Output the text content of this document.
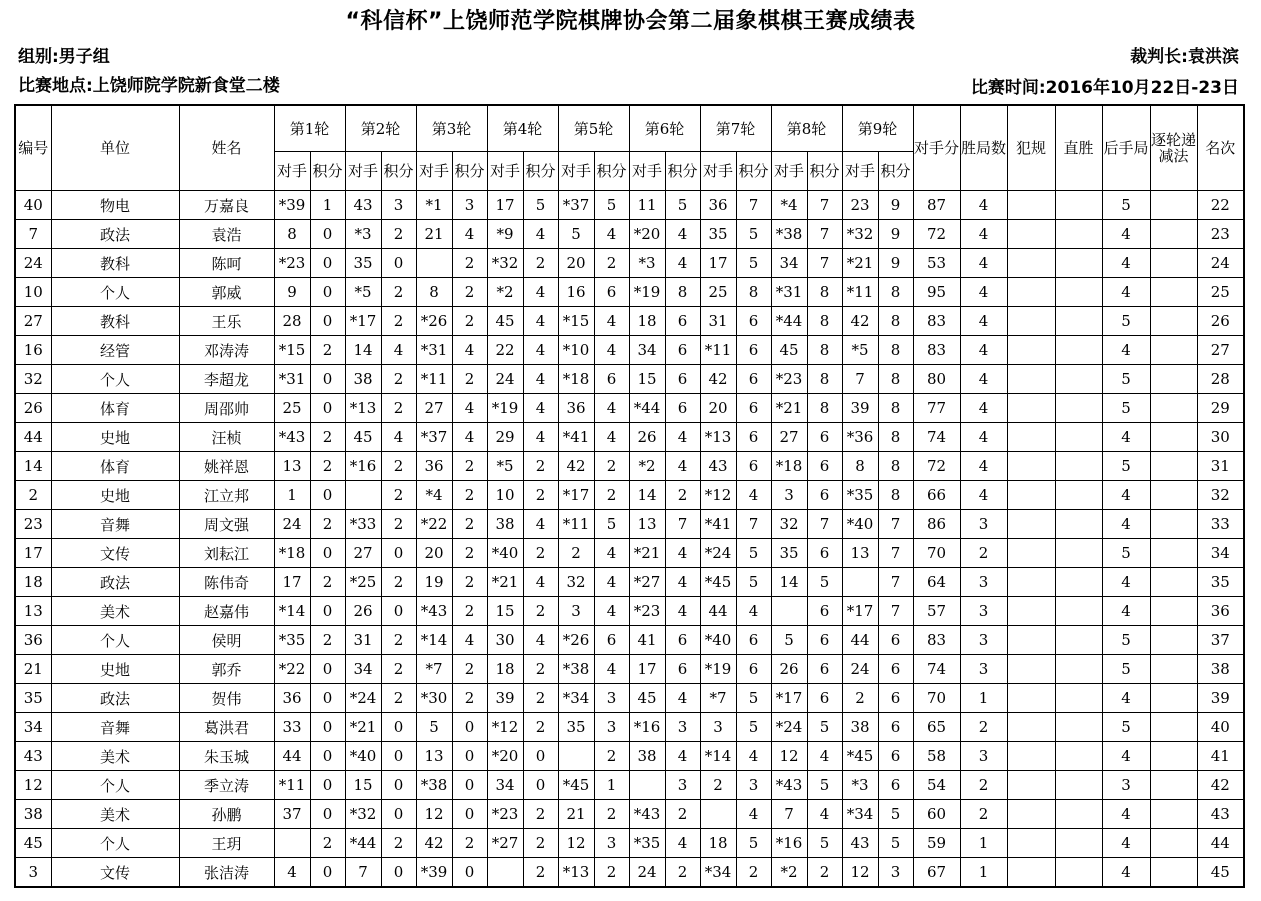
“科信杯”上饶师范学院棋牌协会第二届象棋棋王赛成绩表
组别:男子组	裁判长:袁洪滨
比赛地点:上饶师院学院新食堂二楼	比赛时间:2016年10月22日-23日
编号	单位	姓名	第1轮		第2轮		第3轮		第4轮		第5轮		第6轮		第7轮		第8轮		第9轮		对手分	胜局数	犯规	直胜	后手局	逐轮递减法	名次
			对手	积分	对手	积分	对手	积分	对手	积分	对手	积分	对手	积分	对手	积分	对手	积分	对手	积分							
40	物电	万嘉良	*39	1	43	3	*1	3	17	5	*37	5	11	5	36	7	*4	7	23	9	87	4			5		22
7	政法	袁浩	8	0	*3	2	21	4	*9	4	5	4	*20	4	35	5	*38	7	*32	9	72	4			4		23
24	教科	陈呵	*23	0	35	0		2	*32	2	20	2	*3	4	17	5	34	7	*21	9	53	4			4		24
10	个人	郭威	9	0	*5	2	8	2	*2	4	16	6	*19	8	25	8	*31	8	*11	8	95	4			4		25
27	教科	王乐	28	0	*17	2	*26	2	45	4	*15	4	18	6	31	6	*44	8	42	8	83	4			5		26
16	经管	邓涛涛	*15	2	14	4	*31	4	22	4	*10	4	34	6	*11	6	45	8	*5	8	83	4			4		27
32	个人	李超龙	*31	0	38	2	*11	2	24	4	*18	6	15	6	42	6	*23	8	7	8	80	4			5		28
26	体育	周邵帅	25	0	*13	2	27	4	*19	4	36	4	*44	6	20	6	*21	8	39	8	77	4			5		29
44	史地	汪桢	*43	2	45	4	*37	4	29	4	*41	4	26	4	*13	6	27	6	*36	8	74	4			4		30
14	体育	姚祥恩	13	2	*16	2	36	2	*5	2	42	2	*2	4	43	6	*18	6	8	8	72	4			5		31
2	史地	江立邦	1	0		2	*4	2	10	2	*17	2	14	2	*12	4	3	6	*35	8	66	4			4		32
23	音舞	周文强	24	2	*33	2	*22	2	38	4	*11	5	13	7	*41	7	32	7	*40	7	86	3			4		33
17	文传	刘耘江	*18	0	27	0	20	2	*40	2	2	4	*21	4	*24	5	35	6	13	7	70	2			5		34
18	政法	陈伟奇	17	2	*25	2	19	2	*21	4	32	4	*27	4	*45	5	14	5		7	64	3			4		35
13	美术	赵嘉伟	*14	0	26	0	*43	2	15	2	3	4	*23	4	44	4		6	*17	7	57	3			4		36
36	个人	侯明	*35	2	31	2	*14	4	30	4	*26	6	41	6	*40	6	5	6	44	6	83	3			5		37
21	史地	郭乔	*22	0	34	2	*7	2	18	2	*38	4	17	6	*19	6	26	6	24	6	74	3			5		38
35	政法	贺伟	36	0	*24	2	*30	2	39	2	*34	3	45	4	*7	5	*17	6	2	6	70	1			4		39
34	音舞	葛洪君	33	0	*21	0	5	0	*12	2	35	3	*16	3	3	5	*24	5	38	6	65	2			5		40
43	美术	朱玉城	44	0	*40	0	13	0	*20	0		2	38	4	*14	4	12	4	*45	6	58	3			4		41
12	个人	季立涛	*11	0	15	0	*38	0	34	0	*45	1		3	2	3	*43	5	*3	6	54	2			3		42
38	美术	孙鹏	37	0	*32	0	12	0	*23	2	21	2	*43	2		4	7	4	*34	5	60	2			4		43
45	个人	王玥		2	*44	2	42	2	*27	2	12	3	*35	4	18	5	*16	5	43	5	59	1			4		44
3	文传	张洁涛	4	0	7	0	*39	0		2	*13	2	24	2	*34	2	*2	2	12	3	67	1			4		45
